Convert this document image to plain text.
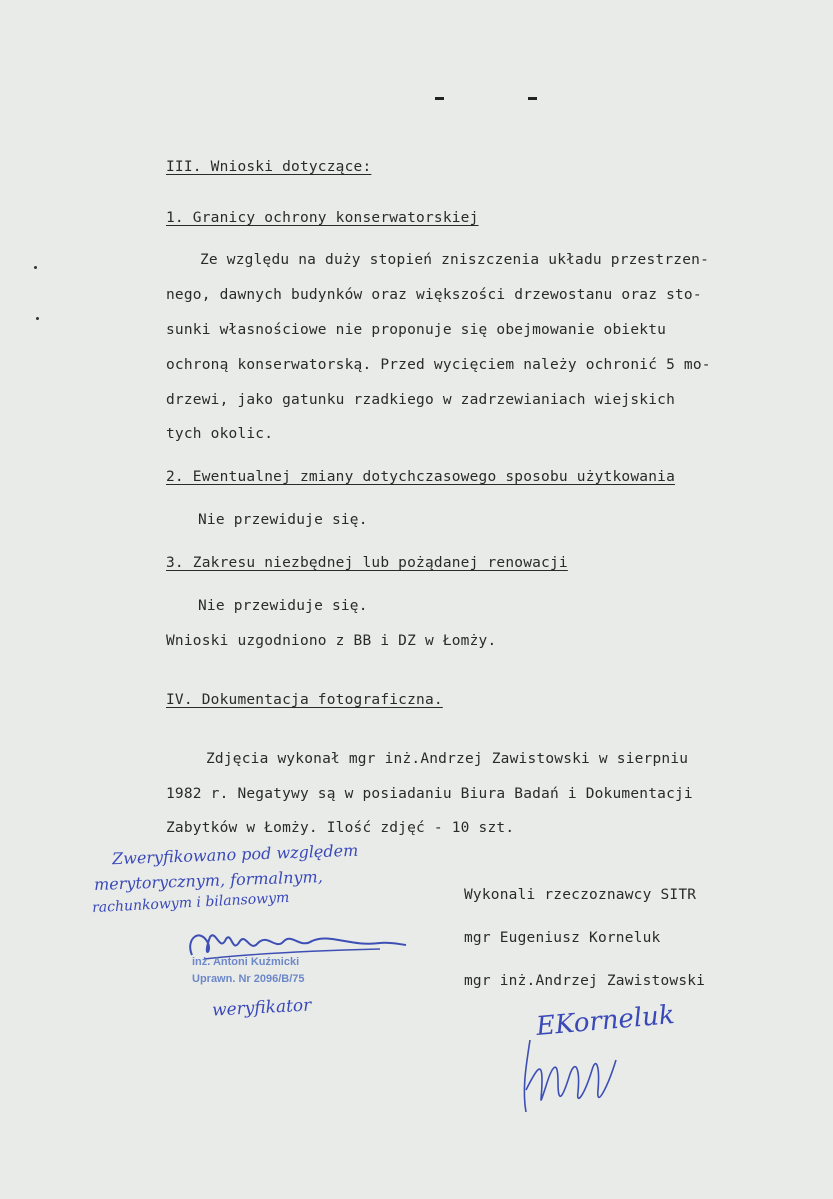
III. Wnioski dotyczące:
1. Granicy ochrony konserwatorskiej
Ze względu na duży stopień zniszczenia układu przestrzen-
nego, dawnych budynków oraz większości drzewostanu oraz sto-
sunki własnościowe nie proponuje się obejmowanie obiektu
ochroną konserwatorską. Przed wycięciem należy ochronić 5 mo-
drzewi, jako gatunku rzadkiego w zadrzewianiach wiejskich
tych okolic.
2. Ewentualnej zmiany dotychczasowego sposobu użytkowania
Nie przewiduje się.
3. Zakresu niezbędnej lub pożądanej renowacji
Nie przewiduje się.
Wnioski uzgodniono z BB i DZ w Łomży.
IV. Dokumentacja fotograficzna.
Zdjęcia wykonał mgr inż.Andrzej Zawistowski w sierpniu
1982 r. Negatywy są w posiadaniu Biura Badań i Dokumentacji
Zabytków w Łomży. Ilość zdjęć - 10 szt.
Zweryfikowano pod względem
merytorycznym, formalnym,
rachunkowym i bilansowym
inż. Antoni Kuźmicki
Uprawn. Nr 2096/B/75
weryfikator
Wykonali rzeczoznawcy SITR
mgr Eugeniusz Korneluk
mgr inż.Andrzej Zawistowski
EKorneluk
